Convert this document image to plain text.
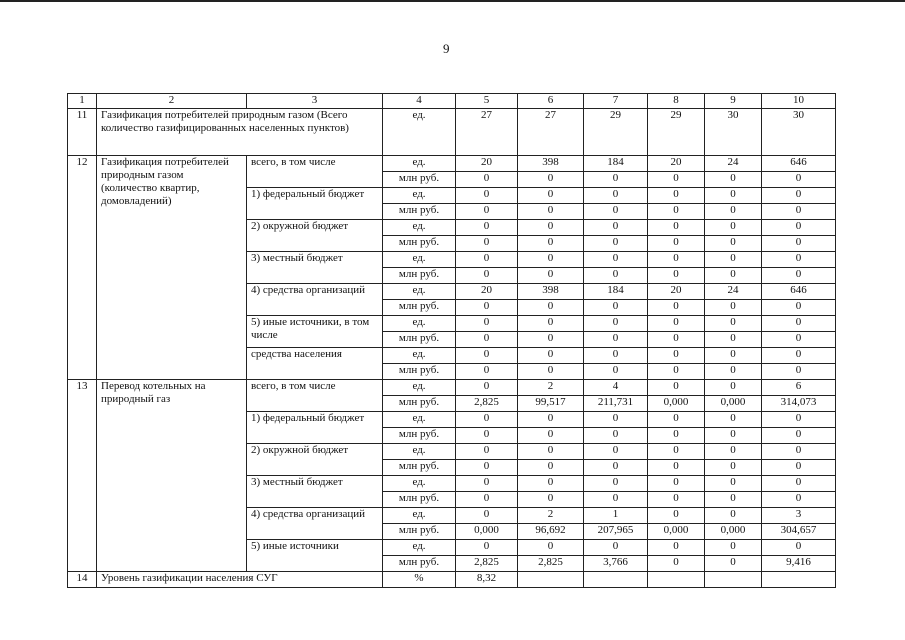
9
1	2	3	4	5	6	7	8	9	10
11	Газификация потребителей природным газом (Всего количество газифицированных населенных пунктов)		ед.	27	27	29	29	30	30
12	Газификация потребителей природным газом (количество квартир, домовладений)	всего, в том числе	ед.	20	398	184	20	24	646
			млн руб.	0	0	0	0	0	0
		1) федеральный бюджет	ед.	0	0	0	0	0	0
			млн руб.	0	0	0	0	0	0
		2) окружной бюджет	ед.	0	0	0	0	0	0
			млн руб.	0	0	0	0	0	0
		3) местный бюджет	ед.	0	0	0	0	0	0
			млн руб.	0	0	0	0	0	0
		4) средства организаций	ед.	20	398	184	20	24	646
			млн руб.	0	0	0	0	0	0
		5) иные источники, в том числе	ед.	0	0	0	0	0	0
			млн руб.	0	0	0	0	0	0
		средства населения	ед.	0	0	0	0	0	0
			млн руб.	0	0	0	0	0	0
13	Перевод котельных на природный газ	всего, в том числе	ед.	0	2	4	0	0	6
			млн руб.	2,825	99,517	211,731	0,000	0,000	314,073
		1) федеральный бюджет	ед.	0	0	0	0	0	0
			млн руб.	0	0	0	0	0	0
		2) окружной бюджет	ед.	0	0	0	0	0	0
			млн руб.	0	0	0	0	0	0
		3) местный бюджет	ед.	0	0	0	0	0	0
			млн руб.	0	0	0	0	0	0
		4) средства организаций	ед.	0	2	1	0	0	3
			млн руб.	0,000	96,692	207,965	0,000	0,000	304,657
		5) иные источники	ед.	0	0	0	0	0	0
			млн руб.	2,825	2,825	3,766	0	0	9,416
14	Уровень газификации населения СУГ		%	8,32					
